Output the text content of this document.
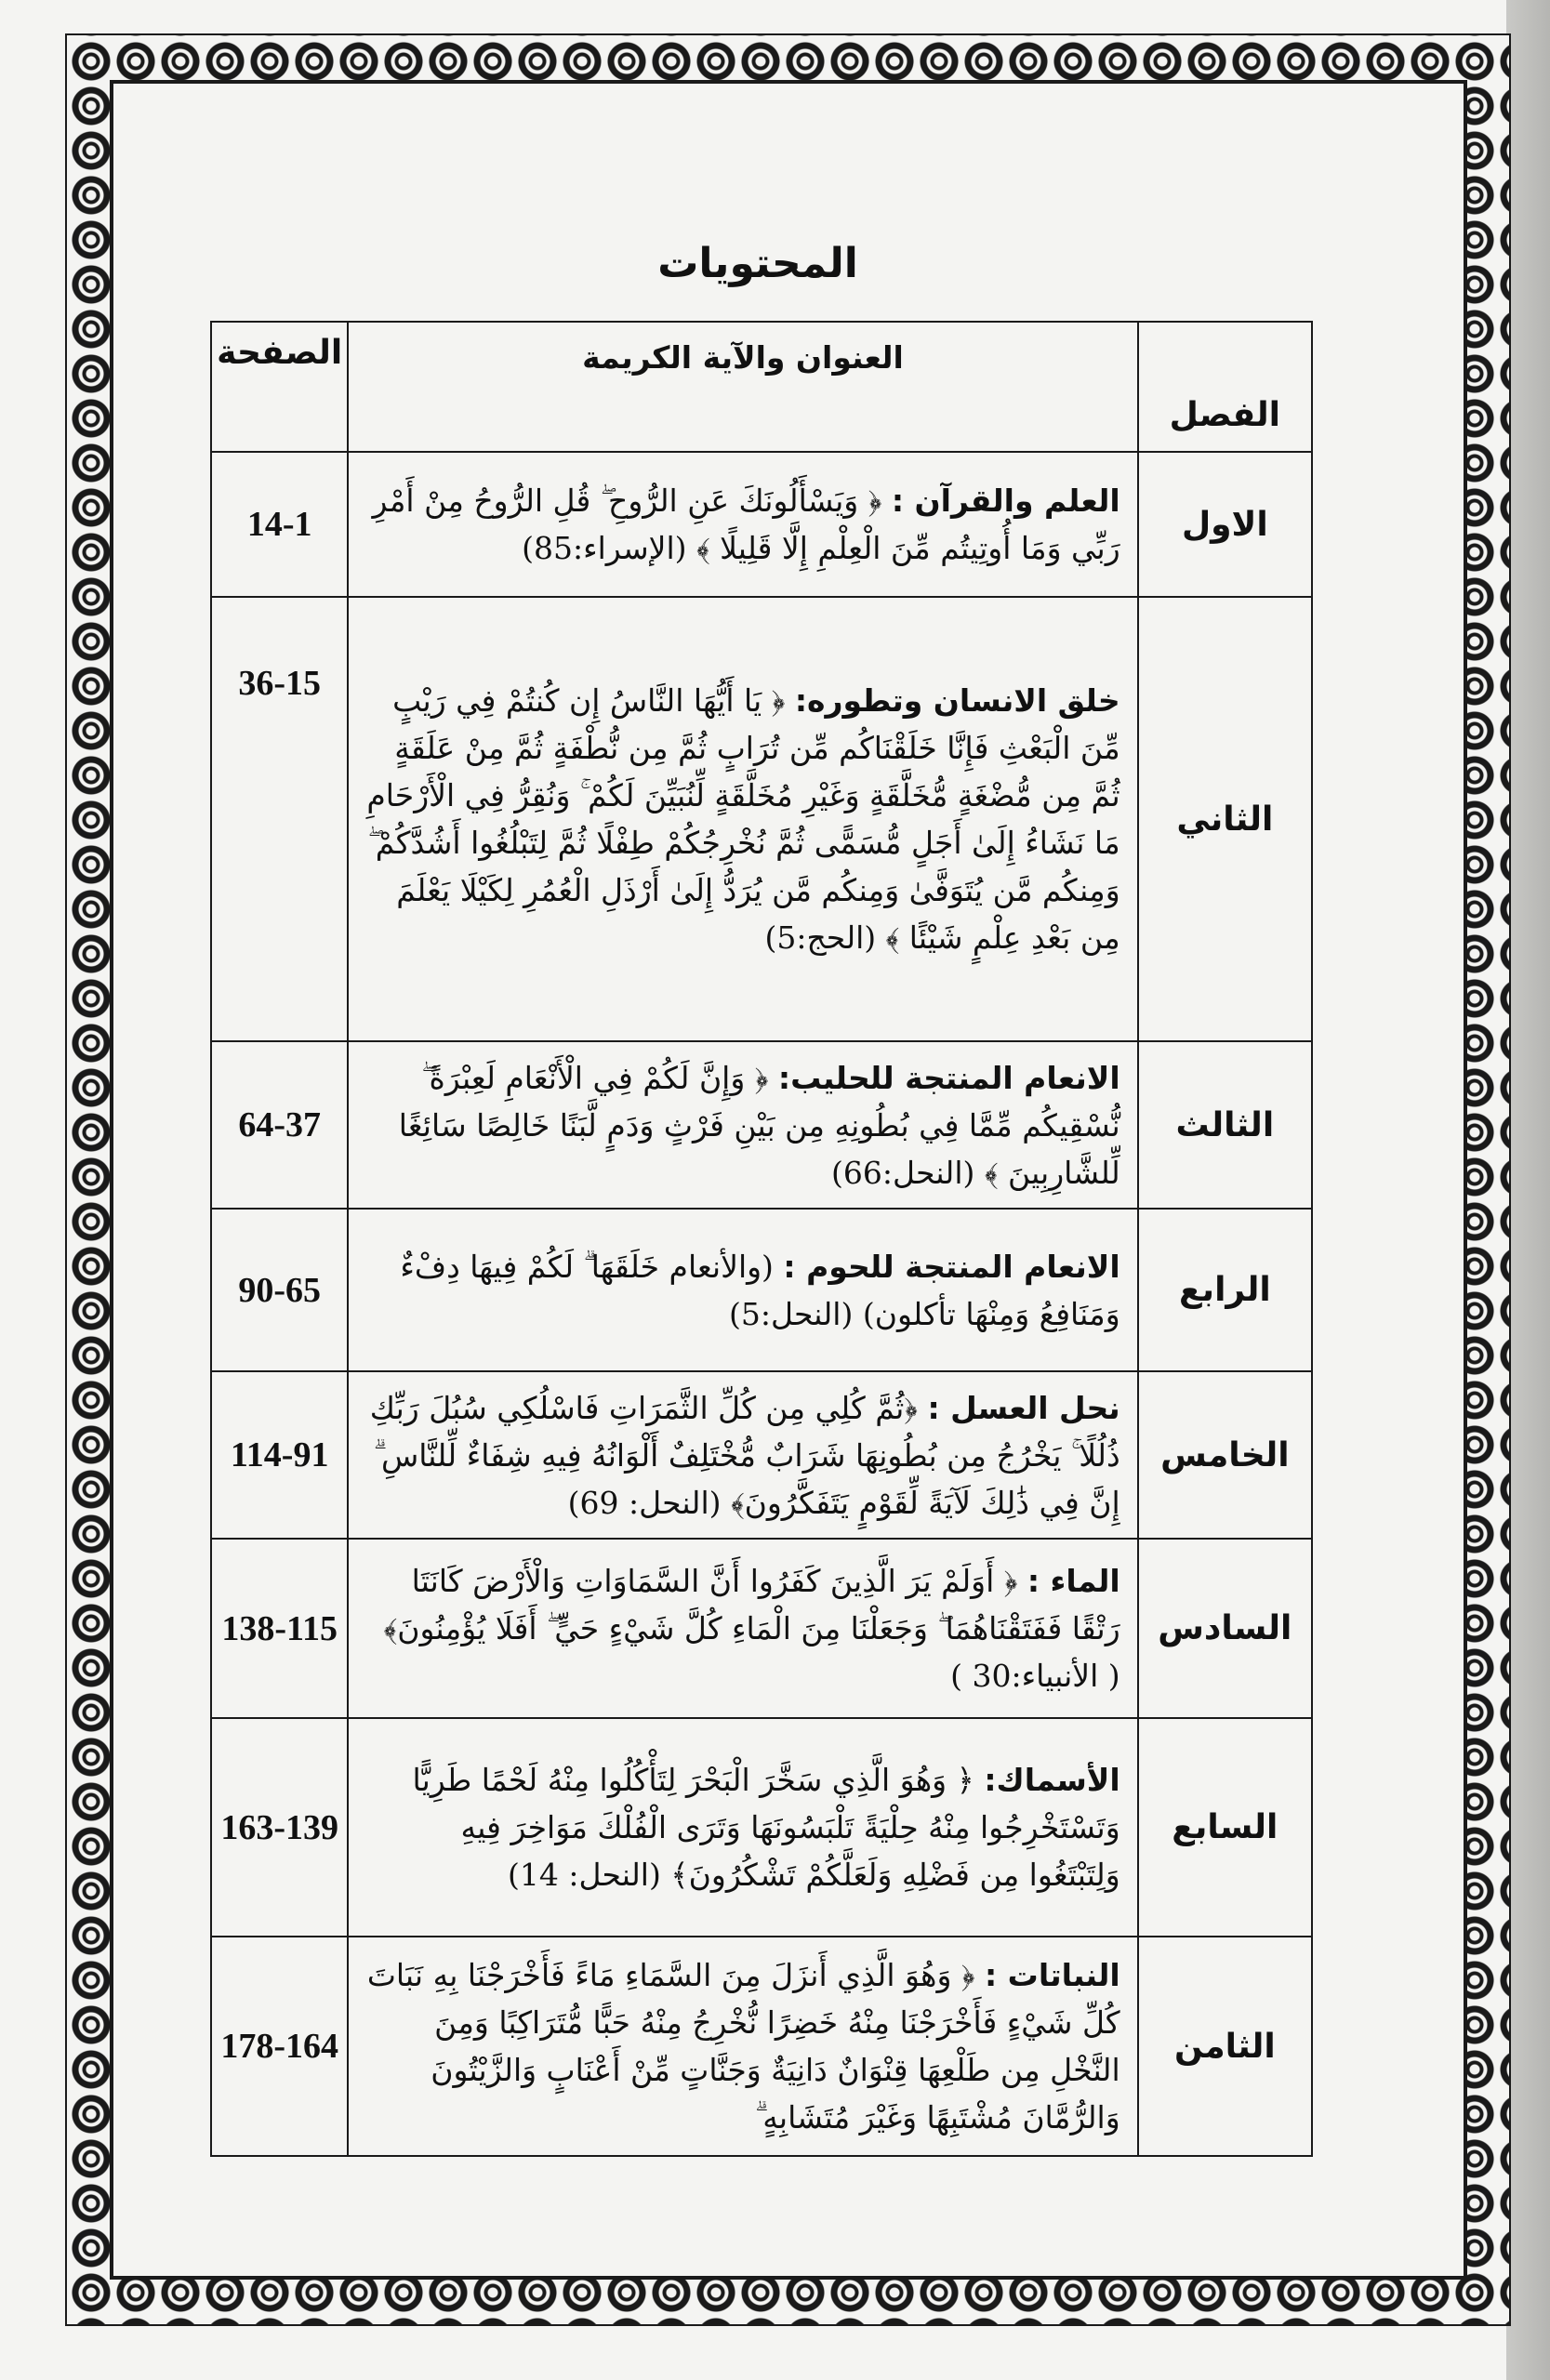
المحتويات
الفصل	العنوان والآية الكريمة	الصفحة
الاول	العلم والقرآن : ﴿ وَيَسْأَلُونَكَ عَنِ الرُّوحِ ۖ قُلِ الرُّوحُ مِنْ أَمْرِ رَبِّي وَمَا أُوتِيتُم مِّنَ الْعِلْمِ إِلَّا قَلِيلًا ﴾ (الإسراء:85)	14-1
الثاني	خلق الانسان وتطوره: ﴿ يَا أَيُّهَا النَّاسُ إِن كُنتُمْ فِي رَيْبٍ مِّنَ الْبَعْثِ فَإِنَّا خَلَقْنَاكُم مِّن تُرَابٍ ثُمَّ مِن نُّطْفَةٍ ثُمَّ مِنْ عَلَقَةٍ ثُمَّ مِن مُّضْغَةٍ مُّخَلَّقَةٍ وَغَيْرِ مُخَلَّقَةٍ لِّنُبَيِّنَ لَكُمْ ۚ وَنُقِرُّ فِي الْأَرْحَامِ مَا نَشَاءُ إِلَىٰ أَجَلٍ مُّسَمًّى ثُمَّ نُخْرِجُكُمْ طِفْلًا ثُمَّ لِتَبْلُغُوا أَشُدَّكُمْ ۖ وَمِنكُم مَّن يُتَوَفَّىٰ وَمِنكُم مَّن يُرَدُّ إِلَىٰ أَرْذَلِ الْعُمُرِ لِكَيْلَا يَعْلَمَ مِن بَعْدِ عِلْمٍ شَيْئًا ﴾ (الحج:5)	36-15
الثالث	الانعام المنتجة للحليب: ﴿ وَإِنَّ لَكُمْ فِي الْأَنْعَامِ لَعِبْرَةً ۖ نُّسْقِيكُم مِّمَّا فِي بُطُونِهِ مِن بَيْنِ فَرْثٍ وَدَمٍ لَّبَنًا خَالِصًا سَائِغًا لِّلشَّارِبِينَ ﴾ (النحل:66)	64-37
الرابع	الانعام المنتجة للحوم : (والأنعام خَلَقَهَا ۗ لَكُمْ فِيهَا دِفْءٌ وَمَنَافِعُ وَمِنْهَا تأكلون) (النحل:5)	90-65
الخامس	نحل العسل : ﴿ثُمَّ كُلِي مِن كُلِّ الثَّمَرَاتِ فَاسْلُكِي سُبُلَ رَبِّكِ ذُلُلًا ۚ يَخْرُجُ مِن بُطُونِهَا شَرَابٌ مُّخْتَلِفٌ أَلْوَانُهُ فِيهِ شِفَاءٌ لِّلنَّاسِ ۗ إِنَّ فِي ذَٰلِكَ لَآيَةً لِّقَوْمٍ يَتَفَكَّرُونَ﴾ (النحل: 69)	114-91
السادس	الماء : ﴿ أَوَلَمْ يَرَ الَّذِينَ كَفَرُوا أَنَّ السَّمَاوَاتِ وَالْأَرْضَ كَانَتَا رَتْقًا فَفَتَقْنَاهُمَا ۖ وَجَعَلْنَا مِنَ الْمَاءِ كُلَّ شَيْءٍ حَيٍّ ۖ أَفَلَا يُؤْمِنُونَ﴾ ( الأنبياء:30 )	138-115
السابع	الأسماك: ﴿ وَهُوَ الَّذِي سَخَّرَ الْبَحْرَ لِتَأْكُلُوا مِنْهُ لَحْمًا طَرِيًّا وَتَسْتَخْرِجُوا مِنْهُ حِلْيَةً تَلْبَسُونَهَا وَتَرَى الْفُلْكَ مَوَاخِرَ فِيهِ وَلِتَبْتَغُوا مِن فَضْلِهِ وَلَعَلَّكُمْ تَشْكُرُونَ﴾ (النحل: 14)	163-139
الثامن	النباتات : ﴿ وَهُوَ الَّذِي أَنزَلَ مِنَ السَّمَاءِ مَاءً فَأَخْرَجْنَا بِهِ نَبَاتَ كُلِّ شَيْءٍ فَأَخْرَجْنَا مِنْهُ خَضِرًا نُّخْرِجُ مِنْهُ حَبًّا مُّتَرَاكِبًا وَمِنَ النَّخْلِ مِن طَلْعِهَا قِنْوَانٌ دَانِيَةٌ وَجَنَّاتٍ مِّنْ أَعْنَابٍ وَالزَّيْتُونَ وَالرُّمَّانَ مُشْتَبِهًا وَغَيْرَ مُتَشَابِهٍ ۗ	178-164
